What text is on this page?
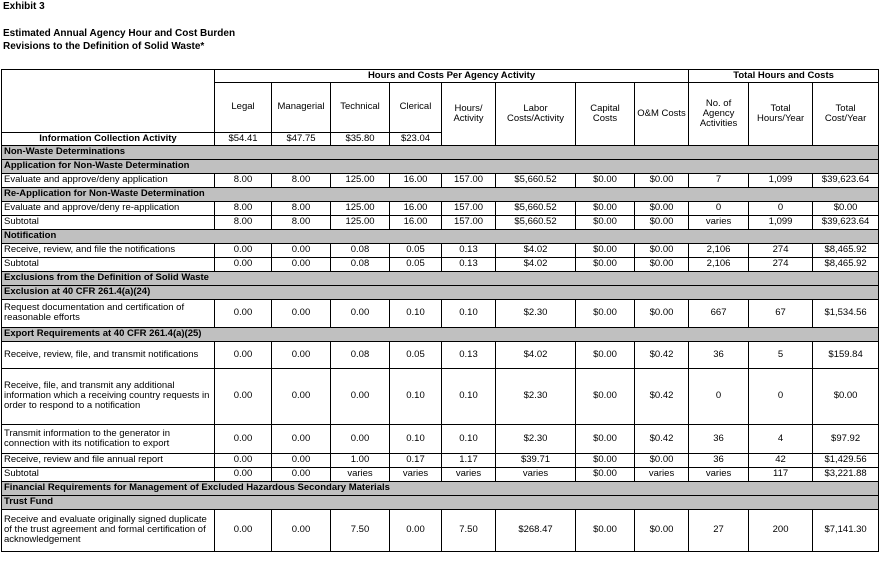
Exhibit 3
Estimated Annual Agency Hour and Cost Burden
Revisions to the Definition of Solid Waste*
	Hours and Costs Per Agency Activity								Total Hours and Costs		
	Legal	Managerial	Technical	Clerical	Hours/ Activity	Labor Costs/Activity	Capital Costs	O&M Costs	No. of Agency Activities	Total Hours/Year	Total Cost/Year

Information Collection Activity	$54.41	$47.75	$35.80	$23.04							
Non-Waste Determinations											
Application for Non-Waste Determination											
Evaluate and approve/deny application	8.00	8.00	125.00	16.00	157.00	$5,660.52	$0.00	$0.00	7	1,099	$39,623.64
Re-Application for Non-Waste Determination											
Evaluate and approve/deny re-application	8.00	8.00	125.00	16.00	157.00	$5,660.52	$0.00	$0.00	0	0	$0.00
Subtotal	8.00	8.00	125.00	16.00	157.00	$5,660.52	$0.00	$0.00	varies	1,099	$39,623.64
Notification											
Receive, review, and file the notifications	0.00	0.00	0.08	0.05	0.13	$4.02	$0.00	$0.00	2,106	274	$8,465.92
Subtotal	0.00	0.00	0.08	0.05	0.13	$4.02	$0.00	$0.00	2,106	274	$8,465.92
Exclusions from the Definition of Solid Waste											
Exclusion at 40 CFR 261.4(a)(24)											
Request documentation and certification of reasonable efforts	0.00	0.00	0.00	0.10	0.10	$2.30	$0.00	$0.00	667	67	$1,534.56
Export Requirements at 40 CFR 261.4(a)(25)											
Receive, review, file, and transmit notifications	0.00	0.00	0.08	0.05	0.13	$4.02	$0.00	$0.42	36	5	$159.84
Receive, file, and transmit any additional information which a receiving country requests in order to respond to a notification	0.00	0.00	0.00	0.10	0.10	$2.30	$0.00	$0.42	0	0	$0.00
Transmit information to the generator in connection with its notification to export	0.00	0.00	0.00	0.10	0.10	$2.30	$0.00	$0.42	36	4	$97.92
Receive, review and file annual report	0.00	0.00	1.00	0.17	1.17	$39.71	$0.00	$0.00	36	42	$1,429.56
Subtotal	0.00	0.00	varies	varies	varies	varies	$0.00	varies	varies	117	$3,221.88
Financial Requirements for Management of Excluded Hazardous Secondary Materials											
Trust Fund											
Receive and evaluate originally signed duplicate of the trust agreement and formal certification of acknowledgement	0.00	0.00	7.50	0.00	7.50	$268.47	$0.00	$0.00	27	200	$7,141.30
